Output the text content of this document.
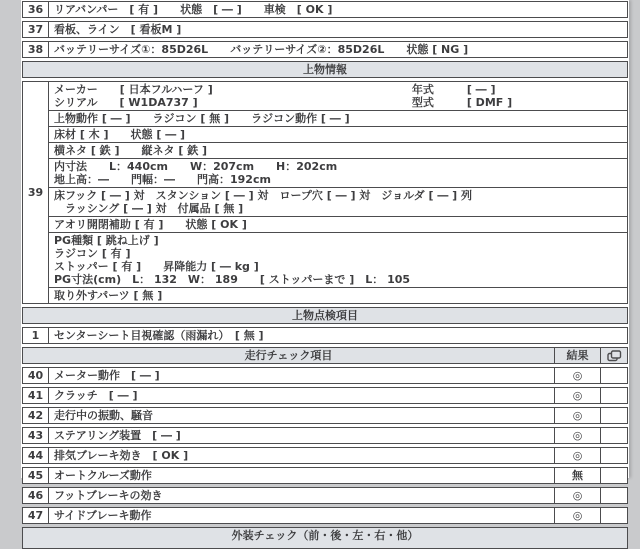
36 リアバンパー　[ 有 ]　　状態　[ ― ]　　車検　[ OK ]
37 看板、ライン　[ 看板M ]
38 バッテリーサイズ①：85D26L　　バッテリーサイズ②：85D26L　　状態 [ NG ]
上物情報
39
メーカー　　[ 日本フルハーフ ]	年式　　　[ ― ]
シリアル　　[ W1DA737 ]	型式　　　[ DMF ]
上物動作 [ ― ]　　ラジコン [ 無 ]　　ラジコン動作 [ ― ]
床材 [ 木 ]　　状態 [ ― ]
横ネタ [ 鉄 ]　　縦ネタ [ 鉄 ]
内寸法　　L：440cm　　W：207cm　　H：202cm
地上高：―　　門幅：―　　門高：192cm
床フック [ ― ] 対　スタンション [ ― ] 対　ロープ穴 [ ― ] 対　ジョルダ [ ― ] 列
　ラッシング [ ― ] 対　付属品 [ 無 ]
アオリ開閉補助 [ 有 ]　　状態 [ OK ]
PG種類 [ 跳ね上げ ]
ラジコン [ 有 ]
ストッパー [ 有 ]　　昇降能力 [ ― kg ]
PG寸法(cm)　L： 132　W： 189　　[ ストッパーまで ]　L： 105
取り外すパーツ [ 無 ]
上物点検項目
1	センターシート目視確認（雨漏れ）　[ 無 ]
走行チェック項目	結果
40 メーター動作　[ ― ]	◎
41 クラッチ　[ ― ]	◎
42 走行中の振動、騒音	◎
43 ステアリング装置　[ ― ]	◎
44 排気ブレーキ効き　[ OK ]	◎
45 オートクルーズ動作	無
46 フットブレーキの効き	◎
47 サイドブレーキ動作	◎
外装チェック（前・後・左・右・他）
